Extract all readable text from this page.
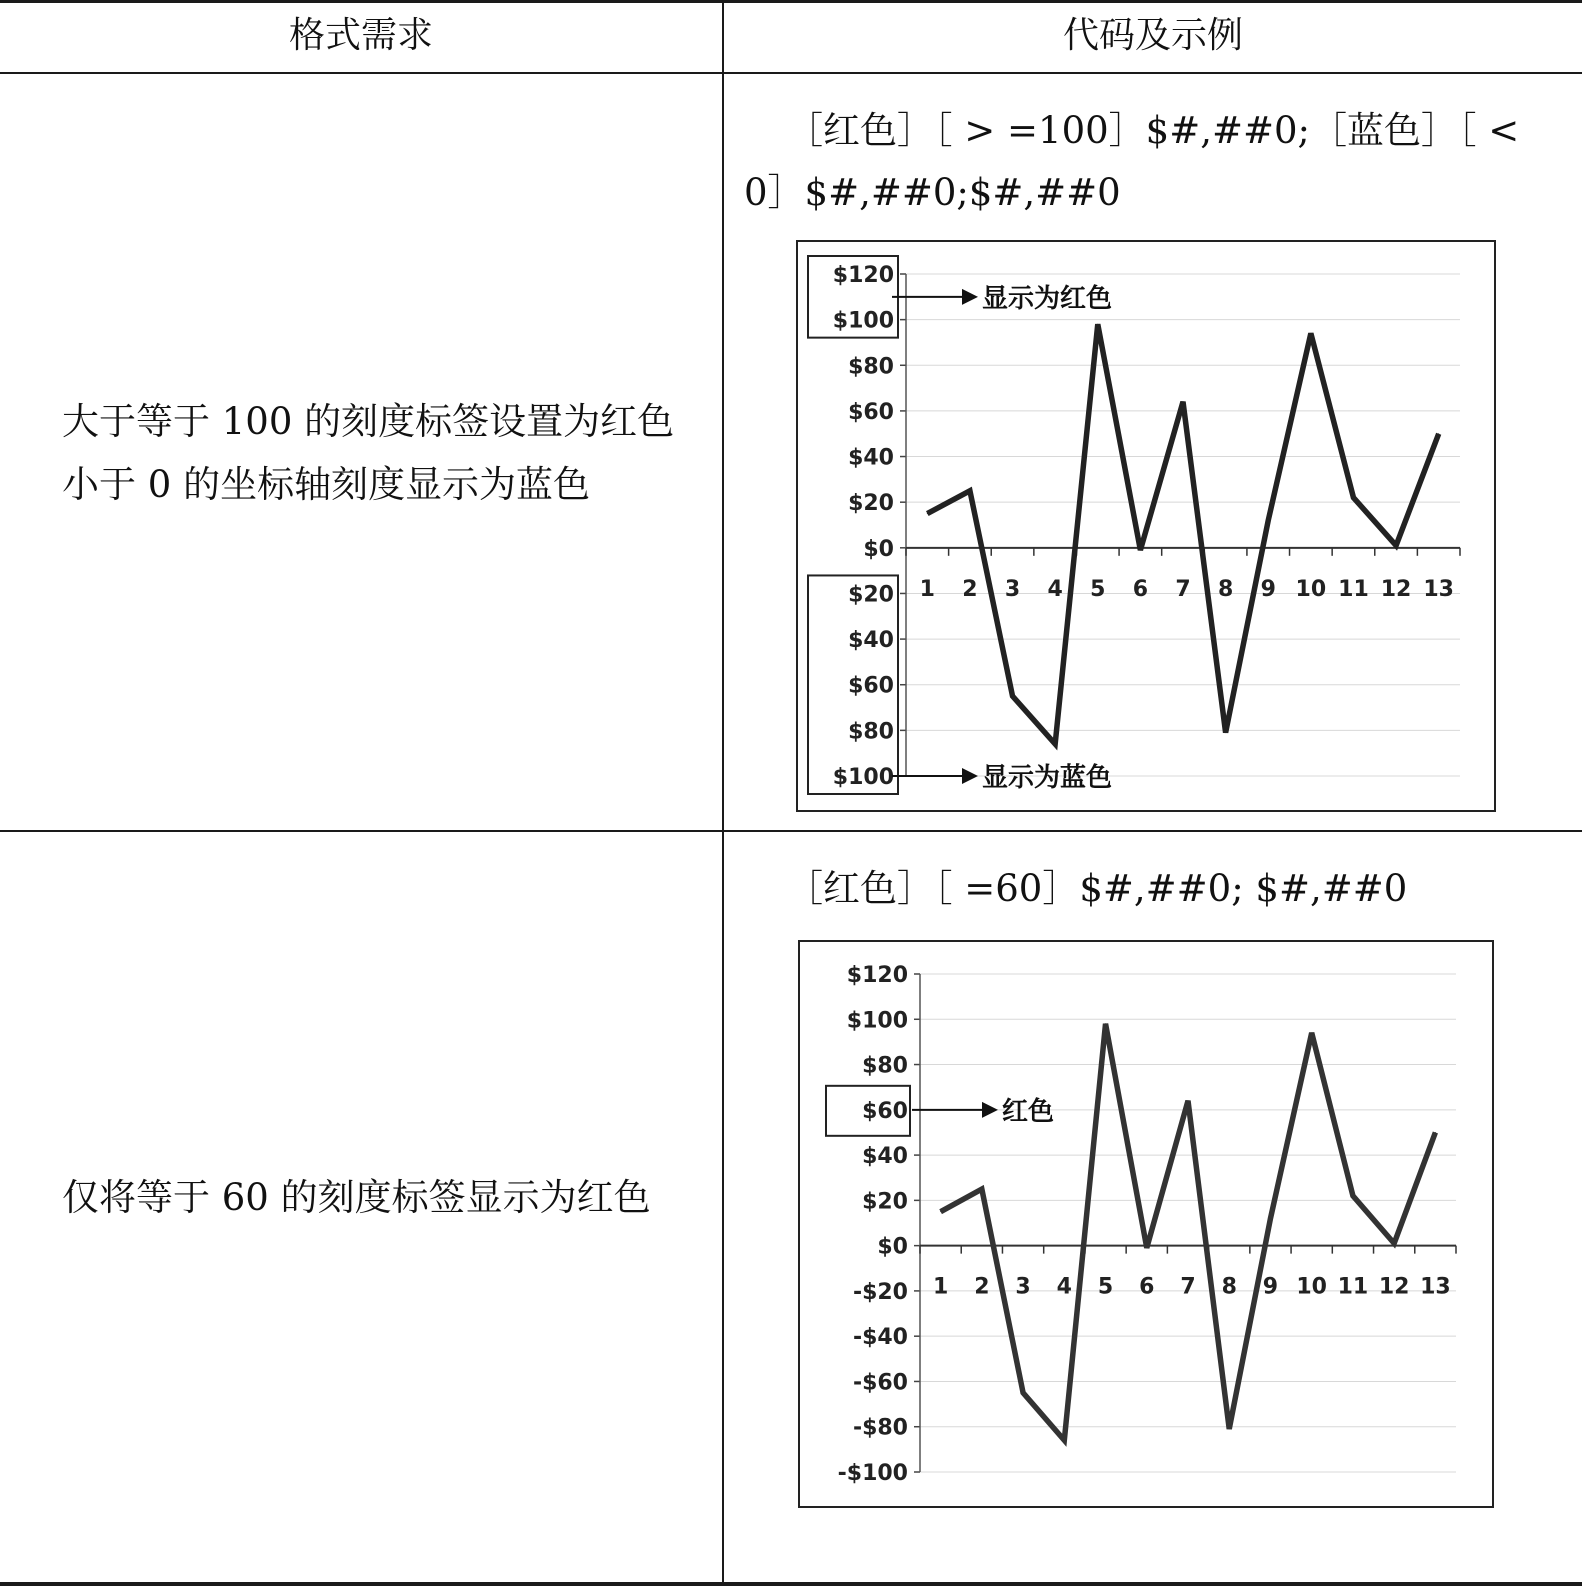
格式需求	代码及示例
大于等于 100 的刻度标签设置为红色
小于 0 的坐标轴刻度显示为蓝色
［红色］［ > =100］$#,##0;［蓝色］［ <0］$#,##0;$#,##0
$120
$100
$80
$60
$40
$20
$0
$20
$40
$60
$80
$100
1 2 3 4 5 6 7 8 9 10 11 12 13
显示为红色
显示为蓝色
仅将等于 60 的刻度标签显示为红色
［红色］［ =60］$#,##0; $#,##0
$120
$100
$80
$60
$40
$20
$0
-$20
-$40
-$60
-$80
-$100
1 2 3 4 5 6 7 8 9 10 11 12 13
红色
